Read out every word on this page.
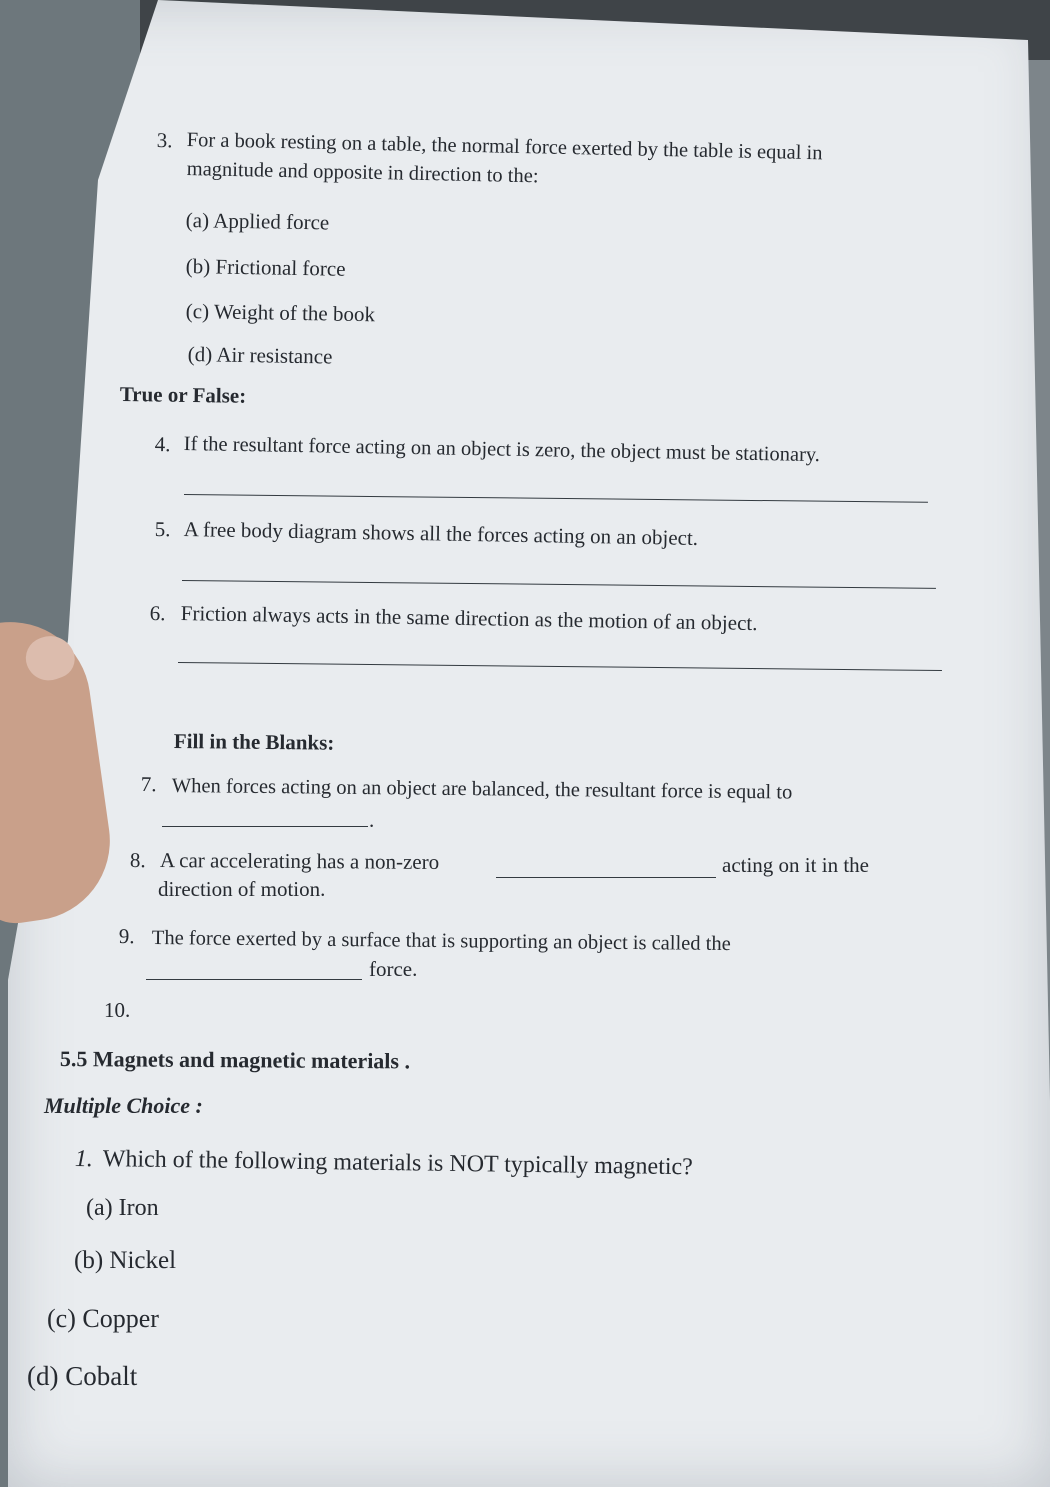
3. For a book resting on a table, the normal force exerted by the table is equal in
magnitude and opposite in direction to the:
(a) Applied force
(b) Frictional force
(c) Weight of the book
(d) Air resistance
True or False:
4. If the resultant force acting on an object is zero, the object must be stationary.
5. A free body diagram shows all the forces acting on an object.
6. Friction always acts in the same direction as the motion of an object.
Fill in the Blanks:
7. When forces acting on an object are balanced, the resultant force is equal to
.
8. A car accelerating has a non-zero	acting on it in the
direction of motion.
9. The force exerted by a surface that is supporting an object is called the
force.
10.
5.5 Magnets and magnetic materials .
Multiple Choice :
1. Which of the following materials is NOT typically magnetic?
(a) Iron
(b) Nickel
(c) Copper
(d) Cobalt
